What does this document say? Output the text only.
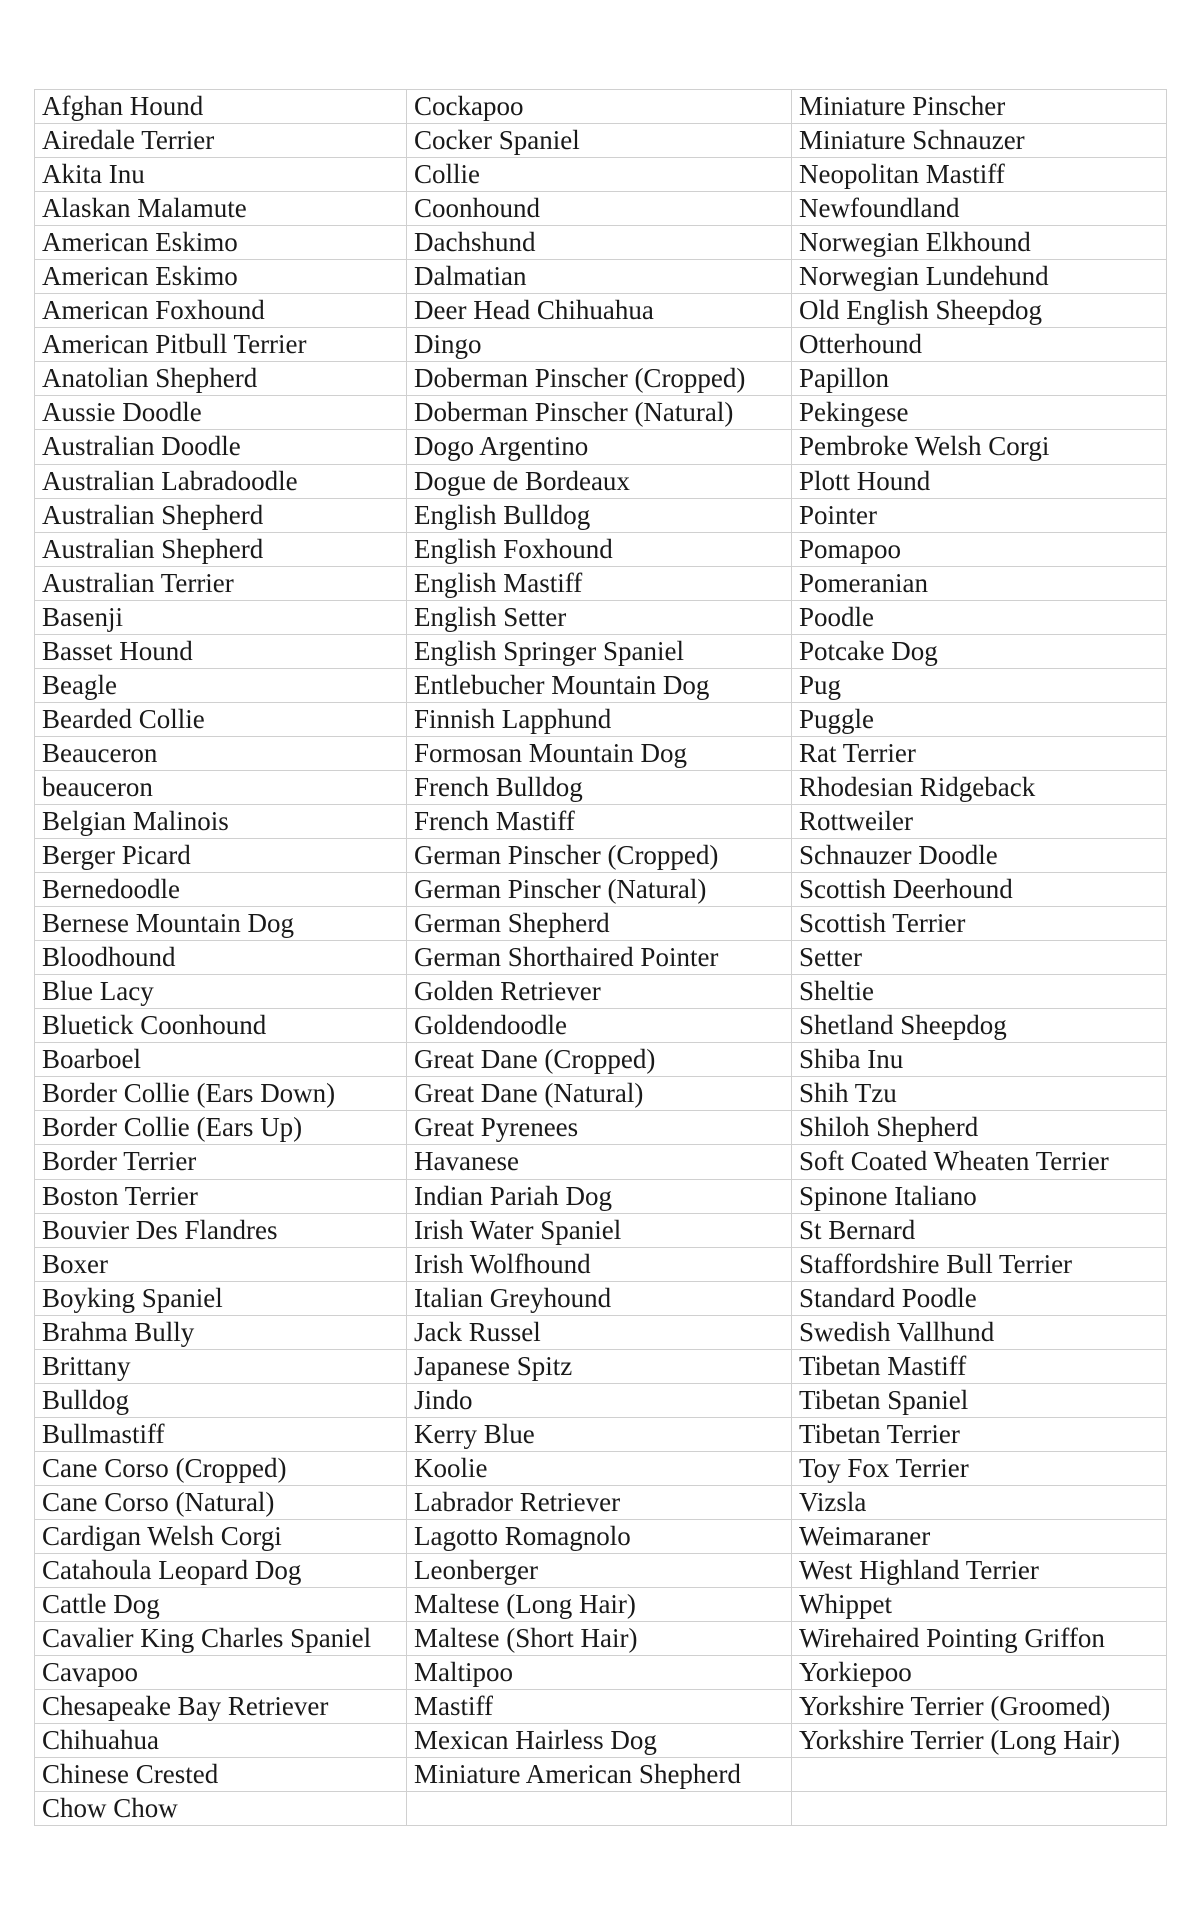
Afghan Hound	Cockapoo	Miniature Pinscher
Airedale Terrier	Cocker Spaniel	Miniature Schnauzer
Akita Inu	Collie	Neopolitan Mastiff
Alaskan Malamute	Coonhound	Newfoundland
American Eskimo	Dachshund	Norwegian Elkhound
American Eskimo	Dalmatian	Norwegian Lundehund
American Foxhound	Deer Head Chihuahua	Old English Sheepdog
American Pitbull Terrier	Dingo	Otterhound
Anatolian Shepherd	Doberman Pinscher (Cropped)	Papillon
Aussie Doodle	Doberman Pinscher (Natural)	Pekingese
Australian Doodle	Dogo Argentino	Pembroke Welsh Corgi
Australian Labradoodle	Dogue de Bordeaux	Plott Hound
Australian Shepherd	English Bulldog	Pointer
Australian Shepherd	English Foxhound	Pomapoo
Australian Terrier	English Mastiff	Pomeranian
Basenji	English Setter	Poodle
Basset Hound	English Springer Spaniel	Potcake Dog
Beagle	Entlebucher Mountain Dog	Pug
Bearded Collie	Finnish Lapphund	Puggle
Beauceron	Formosan Mountain Dog	Rat Terrier
beauceron	French Bulldog	Rhodesian Ridgeback
Belgian Malinois	French Mastiff	Rottweiler
Berger Picard	German Pinscher (Cropped)	Schnauzer Doodle
Bernedoodle	German Pinscher (Natural)	Scottish Deerhound
Bernese Mountain Dog	German Shepherd	Scottish Terrier
Bloodhound	German Shorthaired Pointer	Setter
Blue Lacy	Golden Retriever	Sheltie
Bluetick Coonhound	Goldendoodle	Shetland Sheepdog
Boarboel	Great Dane (Cropped)	Shiba Inu
Border Collie (Ears Down)	Great Dane (Natural)	Shih Tzu
Border Collie (Ears Up)	Great Pyrenees	Shiloh Shepherd
Border Terrier	Havanese	Soft Coated Wheaten Terrier
Boston Terrier	Indian Pariah Dog	Spinone Italiano
Bouvier Des Flandres	Irish Water Spaniel	St Bernard
Boxer	Irish Wolfhound	Staffordshire Bull Terrier
Boyking Spaniel	Italian Greyhound	Standard Poodle
Brahma Bully	Jack Russel	Swedish Vallhund
Brittany	Japanese Spitz	Tibetan Mastiff
Bulldog	Jindo	Tibetan Spaniel
Bullmastiff	Kerry Blue	Tibetan Terrier
Cane Corso (Cropped)	Koolie	Toy Fox Terrier
Cane Corso (Natural)	Labrador Retriever	Vizsla
Cardigan Welsh Corgi	Lagotto Romagnolo	Weimaraner
Catahoula Leopard Dog	Leonberger	West Highland Terrier
Cattle Dog	Maltese (Long Hair)	Whippet
Cavalier King Charles Spaniel	Maltese (Short Hair)	Wirehaired Pointing Griffon
Cavapoo	Maltipoo	Yorkiepoo
Chesapeake Bay Retriever	Mastiff	Yorkshire Terrier (Groomed)
Chihuahua	Mexican Hairless Dog	Yorkshire Terrier (Long Hair)
Chinese Crested	Miniature American Shepherd
Chow Chow
